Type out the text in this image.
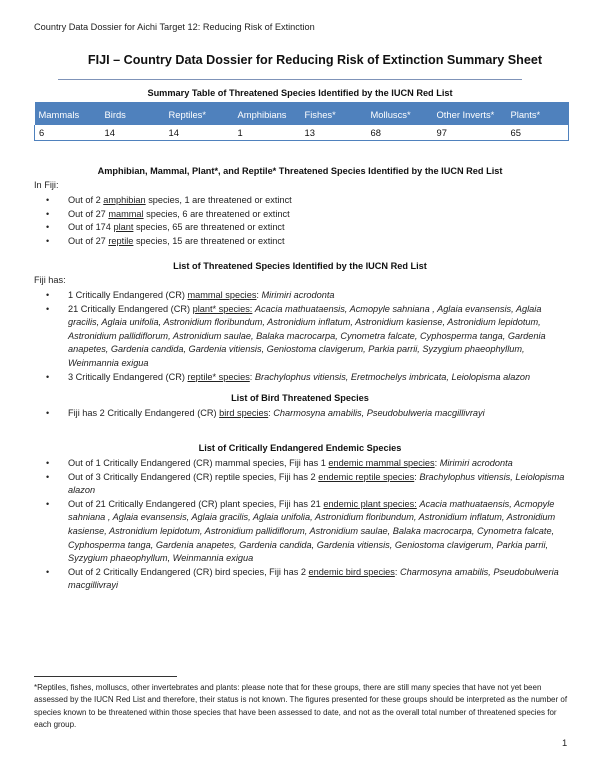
Country Data Dossier for Aichi Target 12: Reducing Risk of Extinction
FIJI – Country Data Dossier for Reducing Risk of Extinction Summary Sheet
Summary Table of Threatened Species Identified by the IUCN Red List
Mammals	Birds	Reptiles*	Amphibians	Fishes*	Molluscs*	Other Inverts*	Plants*
6	14	14	1	13	68	97	65
Amphibian, Mammal, Plant*, and Reptile* Threatened Species Identified by the IUCN Red List
In Fiji:
• Out of 2 amphibian species, 1 are threatened or extinct
• Out of 27 mammal species, 6 are threatened or extinct
• Out of 174 plant species, 65 are threatened or extinct
• Out of 27 reptile species, 15 are threatened or extinct
List of Threatened Species Identified by the IUCN Red List
Fiji has:
• 1 Critically Endangered (CR) mammal species: Mirimiri acrodonta
• 21 Critically Endangered (CR) plant* species: Acacia mathuataensis, Acmopyle sahniana , Aglaia evansensis, Aglaia gracilis, Aglaia unifolia, Astronidium floribundum, Astronidium inflatum, Astronidium kasiense, Astronidium lepidotum, Astronidium pallidiflorum, Astronidium saulae, Balaka macrocarpa, Cynometra falcate, Cyphosperma tanga, Gardenia anapetes, Gardenia candida, Gardenia vitiensis, Geniostoma clavigerum, Parkia parrii, Syzygium phaeophyllum, Weinmannia exigua
• 3 Critically Endangered (CR) reptile* species: Brachylophus vitiensis, Eretmochelys imbricata, Leiolopisma alazon
List of Bird Threatened Species
• Fiji has 2 Critically Endangered (CR) bird species: Charmosyna amabilis, Pseudobulweria macgillivrayi
List of Critically Endangered Endemic Species
• Out of 1 Critically Endangered (CR) mammal species, Fiji has 1 endemic mammal species: Mirimiri acrodonta
• Out of 3 Critically Endangered (CR) reptile species, Fiji has 2 endemic reptile species: Brachylophus vitiensis, Leiolopisma alazon
• Out of 21 Critically Endangered (CR) plant species, Fiji has 21 endemic plant species: Acacia mathuataensis, Acmopyle sahniana , Aglaia evansensis, Aglaia gracilis, Aglaia unifolia, Astronidium floribundum, Astronidium inflatum, Astronidium kasiense, Astronidium lepidotum, Astronidium pallidiflorum, Astronidium saulae, Balaka macrocarpa, Cynometra falcate, Cyphosperma tanga, Gardenia anapetes, Gardenia candida, Gardenia vitiensis, Geniostoma clavigerum, Parkia parrii, Syzygium phaeophyllum, Weinmannia exigua
• Out of 2 Critically Endangered (CR) bird species, Fiji has 2 endemic bird species: Charmosyna amabilis, Pseudobulweria macgillivrayi
*Reptiles, fishes, molluscs, other invertebrates and plants: please note that for these groups, there are still many species that have not yet been assessed by the IUCN Red List and therefore, their status is not known. The figures presented for these groups should be interpreted as the number of species known to be threatened within those species that have been assessed to date, and not as the overall total number of threatened species for each group.
1
